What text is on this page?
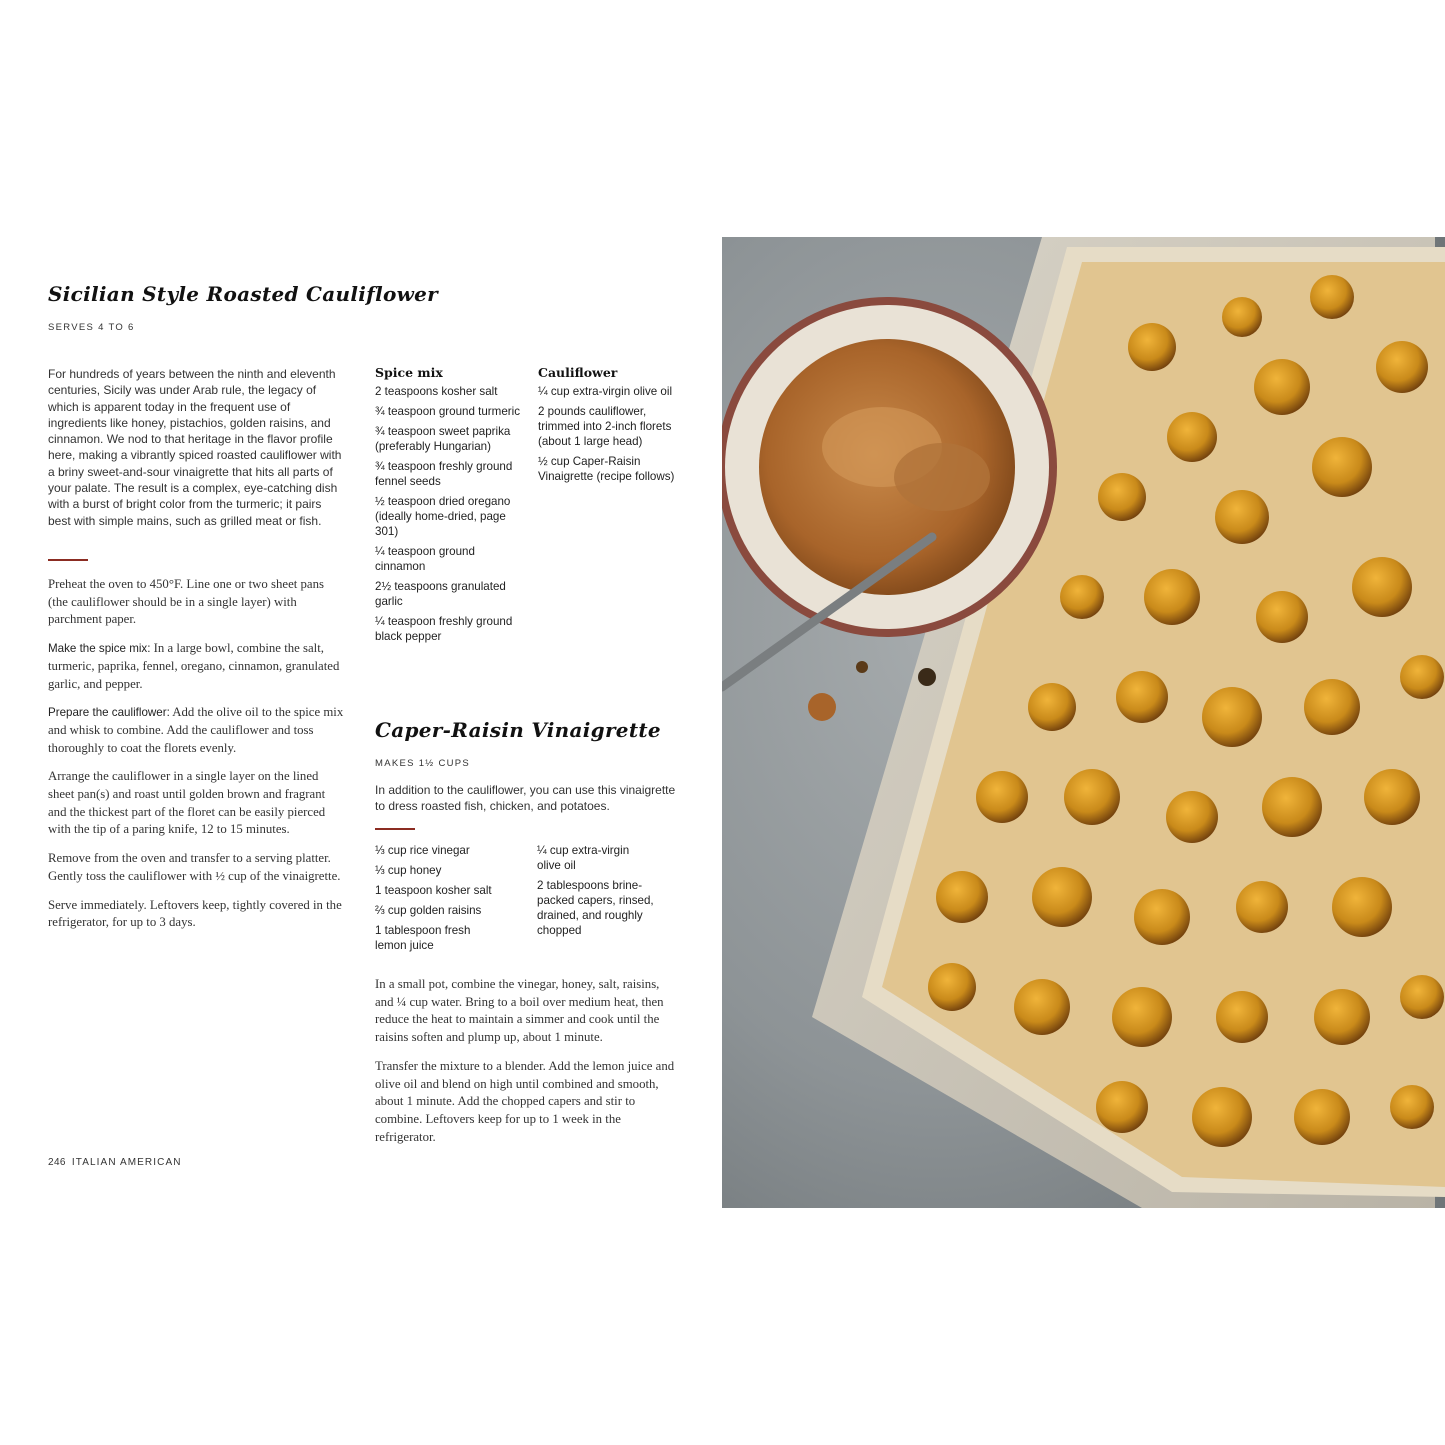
Sicilian Style Roasted Cauliflower
SERVES 4 TO 6

For hundreds of years between the ninth and eleventh centuries, Sicily was under Arab rule, the legacy of which is apparent today in the frequent use of ingredients like honey, pistachios, golden raisins, and cinnamon. We nod to that heritage in the flavor profile here, making a vibrantly spiced roasted cauliflower with a briny sweet-and-sour vinaigrette that hits all parts of your palate. The result is a complex, eye-catching dish with a burst of bright color from the turmeric; it pairs best with simple mains, such as grilled meat or fish.

Preheat the oven to 450°F. Line one or two sheet pans (the cauliflower should be in a single layer) with parchment paper.

Make the spice mix: In a large bowl, combine the salt, turmeric, paprika, fennel, oregano, cinnamon, granulated garlic, and pepper.

Prepare the cauliflower: Add the olive oil to the spice mix and whisk to combine. Add the cauliflower and toss thoroughly to coat the florets evenly.

Arrange the cauliflower in a single layer on the lined sheet pan(s) and roast until golden brown and fragrant and the thickest part of the floret can be easily pierced with the tip of a paring knife, 12 to 15 minutes.

Remove from the oven and transfer to a serving platter. Gently toss the cauliflower with ½ cup of the vinaigrette.

Serve immediately. Leftovers keep, tightly covered in the refrigerator, for up to 3 days.

246 ITALIAN AMERICAN
Spice mix
2 teaspoons kosher salt
¾ teaspoon ground turmeric
¾ teaspoon sweet paprika (preferably Hungarian)
¾ teaspoon freshly ground fennel seeds
½ teaspoon dried oregano (ideally home-dried, page 301)
¼ teaspoon ground cinnamon
2½ teaspoons granulated garlic
¼ teaspoon freshly ground black pepper
Cauliflower
¼ cup extra-virgin olive oil
2 pounds cauliflower, trimmed into 2-inch florets (about 1 large head)
½ cup Caper-Raisin Vinaigrette (recipe follows)
Caper-Raisin Vinaigrette
MAKES 1½ CUPS

In addition to the cauliflower, you can use this vinaigrette to dress roasted fish, chicken, and potatoes.

⅓ cup rice vinegar
⅓ cup honey
1 teaspoon kosher salt
⅔ cup golden raisins
1 tablespoon fresh lemon juice
¼ cup extra-virgin olive oil
2 tablespoons brine-packed capers, rinsed, drained, and roughly chopped

In a small pot, combine the vinegar, honey, salt, raisins, and ¼ cup water. Bring to a boil over medium heat, then reduce the heat to maintain a simmer and cook until the raisins soften and plump up, about 1 minute.

Transfer the mixture to a blender. Add the lemon juice and olive oil and blend on high until combined and smooth, about 1 minute. Add the chopped capers and stir to combine. Leftovers keep for up to 1 week in the refrigerator.
